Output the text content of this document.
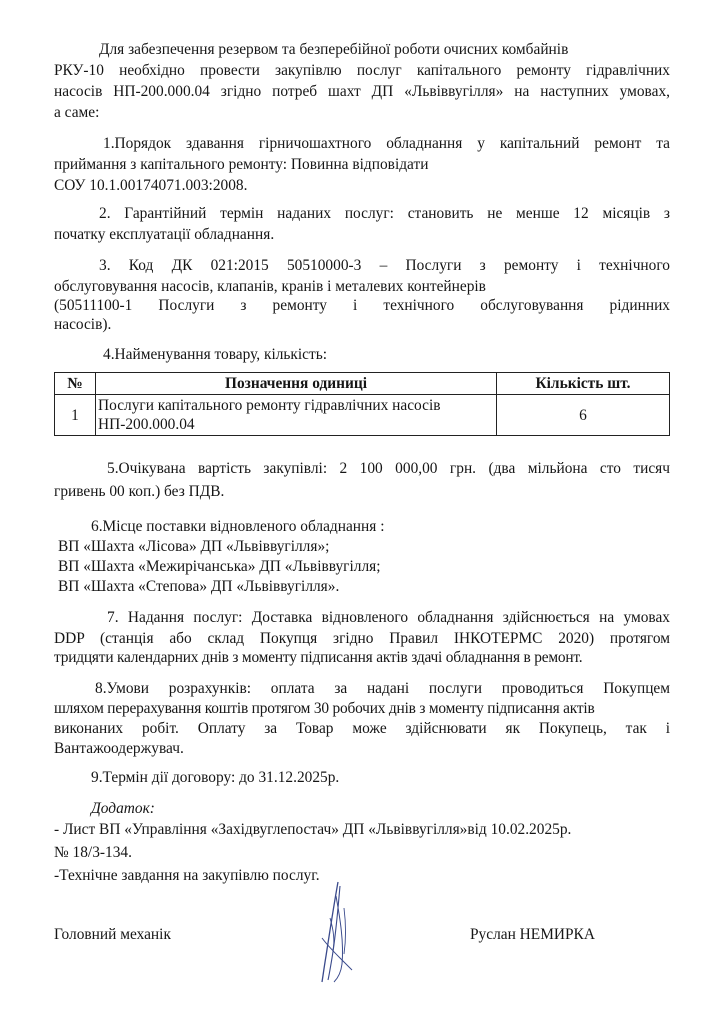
Для забезпечення резервом та безперебійної роботи очисних комбайнів
РКУ-10 необхідно провести закупівлю послуг капітального ремонту гідравлічних
насосів НП-200.000.04 згідно потреб шахт ДП «Львіввугілля» на наступних умовах,
а саме:
1.Порядок здавання гірничошахтного обладнання у капітальний ремонт та
приймання з капітального ремонту: Повинна відповідати
СОУ 10.1.00174071.003:2008.
2. Гарантійний термін наданих послуг: становить не менше 12 місяців з
початку експлуатації обладнання.
3. Код ДК 021:2015 50510000-3 – Послуги з ремонту і технічного
обслуговування насосів, клапанів, кранів і металевих контейнерів
(50511100-1 Послуги з ремонту і технічного обслуговування рідинних
насосів).
4.Найменування товару, кількість:
№	Позначення одиниці	Кількість шт.
1	Послуги капітального ремонту гідравлічних насосів
НП-200.000.04	6
5.Очікувана вартість закупівлі: 2 100 000,00 грн. (два мільйона сто тисяч
гривень 00 коп.) без ПДВ.
6.Місце поставки відновленого обладнання :
ВП «Шахта «Лісова» ДП «Львіввугілля»;
ВП «Шахта «Межирічанська» ДП «Львіввугілля;
ВП «Шахта «Степова» ДП «Львіввугілля».
7. Надання послуг: Доставка відновленого обладнання здійснюється на умовах
DDP (станція або склад Покупця згідно Правил ІНКОТЕРМС 2020) протягом
тридцяти календарних днів з моменту підписання актів здачі обладнання в ремонт.
8.Умови розрахунків: оплата за надані послуги проводиться Покупцем
шляхом перерахування коштів протягом 30 робочих днів з моменту підписання актів
виконаних робіт. Оплату за Товар може здійснювати як Покупець, так і
Вантажоодержувач.
9.Термін дії договору: до 31.12.2025р.
Додаток:
- Лист ВП «Управління «Західвуглепостач» ДП «Львіввугілля»від 10.02.2025р.
№ 18/3-134.
-Технічне завдання на закупівлю послуг.
Головний механік	Руслан НЕМИРКА
